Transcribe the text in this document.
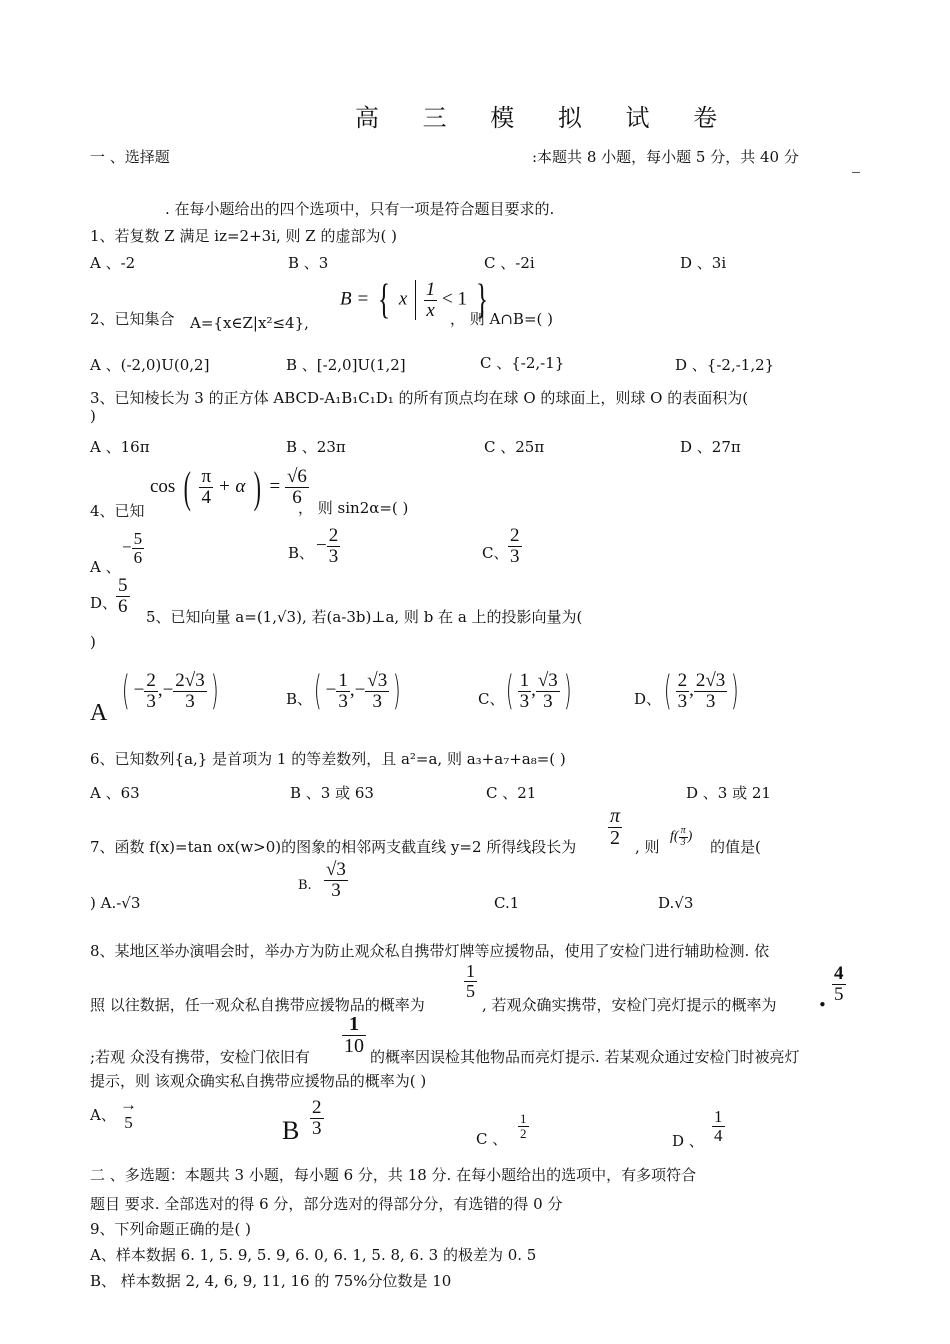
高 三 模 拟 试 卷
一 、选择题	:本题共 8 小题，每小题 5 分，共 40 分
. 在每小题给出的四个选项中，只有一项是符合题目要求的.
1、若复数 Z 满足 iz=2+3i, 则 Z 的虚部为( )
A 、-2	B 、3	C 、-2i	D 、3i
2、已知集合 A={x∈Z|x²≤4},
B = { x $\frac{1}{x} < 1$ }
， 则 A∩B=( )
A 、(-2,0)U(0,2]	B 、[-2,0]U(1,2]	C 、{-2,-1}	D 、{-2,-1,2}
3、已知棱长为 3 的正方体 ABCD-A₁B₁C₁D₁ 的所有顶点均在球 O 的球面上，则球 O 的表面积为(
)
A 、16π	B 、23π	C 、25π	D 、27π
4、已知
cos ( $\frac{\pi}{4} + \alpha$ ) = $\frac{√6}{6}$
， 则 sin2α=( )
A 、
− $\frac{5}{6}$	B、 − $\frac{2}{3}$	C、 $\frac{2}{3}$
D、
$\frac{5}{6}$
5、已知向量 a=(1,√3), 若(a-3b)⊥a, 则 b 在 a 上的投影向量为(
)
A ( − $\frac{2}{3}$ ,− $\frac{2√3}{3}$ )	B、 ( − $\frac{1}{3}$ ,− $\frac{√3}{3}$ )	C、 ( $\frac{1}{3}$ , $\frac{√3}{3}$ )	D、 ( $\frac{2}{3}$ , $\frac{2√3}{3}$ )
6、已知数列{a,} 是首项为 1 的等差数列，且 a²=a, 则 a₃+a₇+a₈=( )
A 、63	B 、3 或 63	C 、21	D 、3 或 21
7、函数 f(x)=tan ox(w>0)的图象的相邻两支截直线 y=2 所得线段长为 $\frac{\pi}{2}$ , 则
$f( \frac{\pi}{3}$ )
的值是(
) A.-√3
B. $\frac{√3}{3}$
C.1	D.√3
8、某地区举办演唱会时，举办方为防止观众私自携带灯牌等应援物品，使用了安检门进行辅助检测. 依
照 以往数据，任一观众私自携带应援物品的概率为
$\frac{1}{5}$
, 若观众确实携带，安检门亮灯提示的概率为	•
$\frac{4}{5}$
;若观 众没有携带，安检门依旧有 $\frac{1}{10}$ 的概率因误检其他物品而亮灯提示. 若某观众通过安检门时被亮灯
提示，则 该观众确实私自携带应援物品的概率为( )
A、
→
5	B $\frac{2}{3}$
C 、 $\frac{1}{2}$
D 、 $\frac{1}{4}$
二 、多选题：本题共 3 小题，每小题 6 分，共 18 分. 在每小题给出的选项中，有多项符合
题目 要求. 全部选对的得 6 分，部分选对的得部分分，有选错的得 0 分
9、下列命题正确的是( )
A、样本数据 6. 1, 5. 9, 5. 9, 6. 0, 6. 1, 5. 8, 6. 3 的极差为 0. 5
B、 样本数据 2, 4, 6, 9, 11, 16 的 75%分位数是 10
